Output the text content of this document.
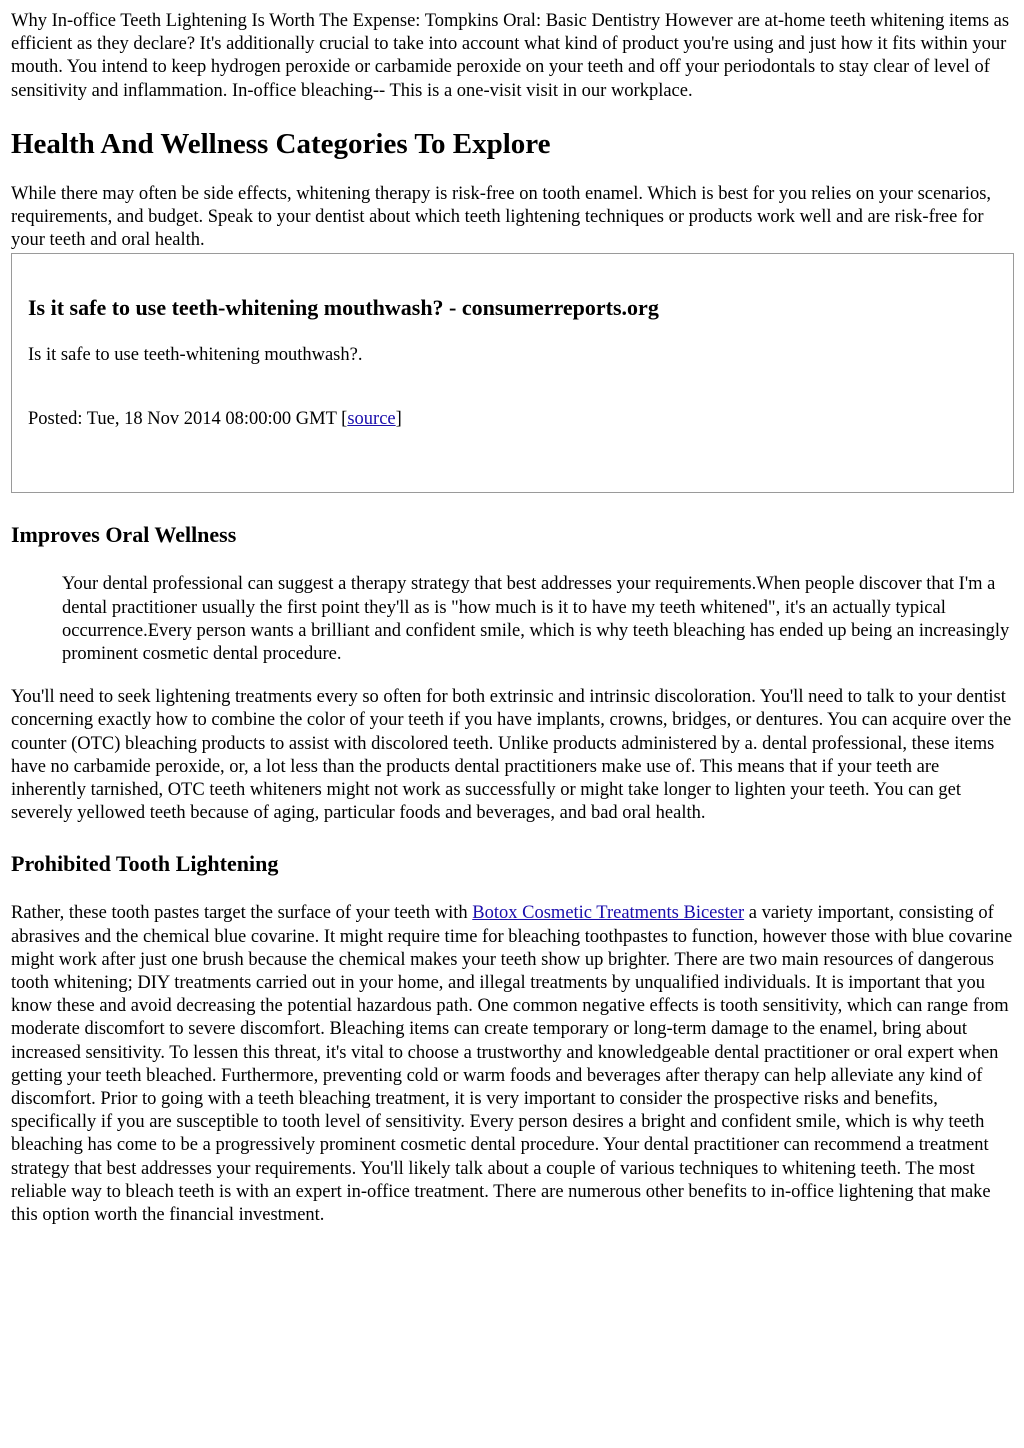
Why In-office Teeth Lightening Is Worth The Expense: Tompkins Oral: Basic Dentistry However are at-home teeth whitening items as efficient as they declare? It's additionally crucial to take into account what kind of product you're using and just how it fits within your mouth. You intend to keep hydrogen peroxide or carbamide peroxide on your teeth and off your periodontals to stay clear of level of sensitivity and inflammation. In-office bleaching-- This is a one-visit visit in our workplace.

Health And Wellness Categories To Explore

While there may often be side effects, whitening therapy is risk-free on tooth enamel. Which is best for you relies on your scenarios, requirements, and budget. Speak to your dentist about which teeth lightening techniques or products work well and are risk-free for your teeth and oral health.

Is it safe to use teeth-whitening mouthwash? - consumerreports.org

Is it safe to use teeth-whitening mouthwash?.

Posted: Tue, 18 Nov 2014 08:00:00 GMT [source]

Improves Oral Wellness
Your dental professional can suggest a therapy strategy that best addresses your requirements.When people discover that I'm a dental practitioner usually the first point they'll as is "how much is it to have my teeth whitened", it's an actually typical occurrence.Every person wants a brilliant and confident smile, which is why teeth bleaching has ended up being an increasingly prominent cosmetic dental procedure.

You'll need to seek lightening treatments every so often for both extrinsic and intrinsic discoloration. You'll need to talk to your dentist concerning exactly how to combine the color of your teeth if you have implants, crowns, bridges, or dentures. You can acquire over the counter (OTC) bleaching products to assist with discolored teeth. Unlike products administered by a. dental professional, these items have no carbamide peroxide, or, a lot less than the products dental practitioners make use of. This means that if your teeth are inherently tarnished, OTC teeth whiteners might not work as successfully or might take longer to lighten your teeth. You can get severely yellowed teeth because of aging, particular foods and beverages, and bad oral health.

Prohibited Tooth Lightening

Rather, these tooth pastes target the surface of your teeth with Botox Cosmetic Treatments Bicester a variety important, consisting of abrasives and the chemical blue covarine. It might require time for bleaching toothpastes to function, however those with blue covarine might work after just one brush because the chemical makes your teeth show up brighter. There are two main resources of dangerous tooth whitening; DIY treatments carried out in your home, and illegal treatments by unqualified individuals. It is important that you know these and avoid decreasing the potential hazardous path. One common negative effects is tooth sensitivity, which can range from moderate discomfort to severe discomfort. Bleaching items can create temporary or long-term damage to the enamel, bring about increased sensitivity. To lessen this threat, it's vital to choose a trustworthy and knowledgeable dental practitioner or oral expert when getting your teeth bleached. Furthermore, preventing cold or warm foods and beverages after therapy can help alleviate any kind of discomfort. Prior to going with a teeth bleaching treatment, it is very important to consider the prospective risks and benefits, specifically if you are susceptible to tooth level of sensitivity. Every person desires a bright and confident smile, which is why teeth bleaching has come to be a progressively prominent cosmetic dental procedure. Your dental practitioner can recommend a treatment strategy that best addresses your requirements. You'll likely talk about a couple of various techniques to whitening teeth. The most reliable way to bleach teeth is with an expert in-office treatment. There are numerous other benefits to in-office lightening that make this option worth the financial investment.
